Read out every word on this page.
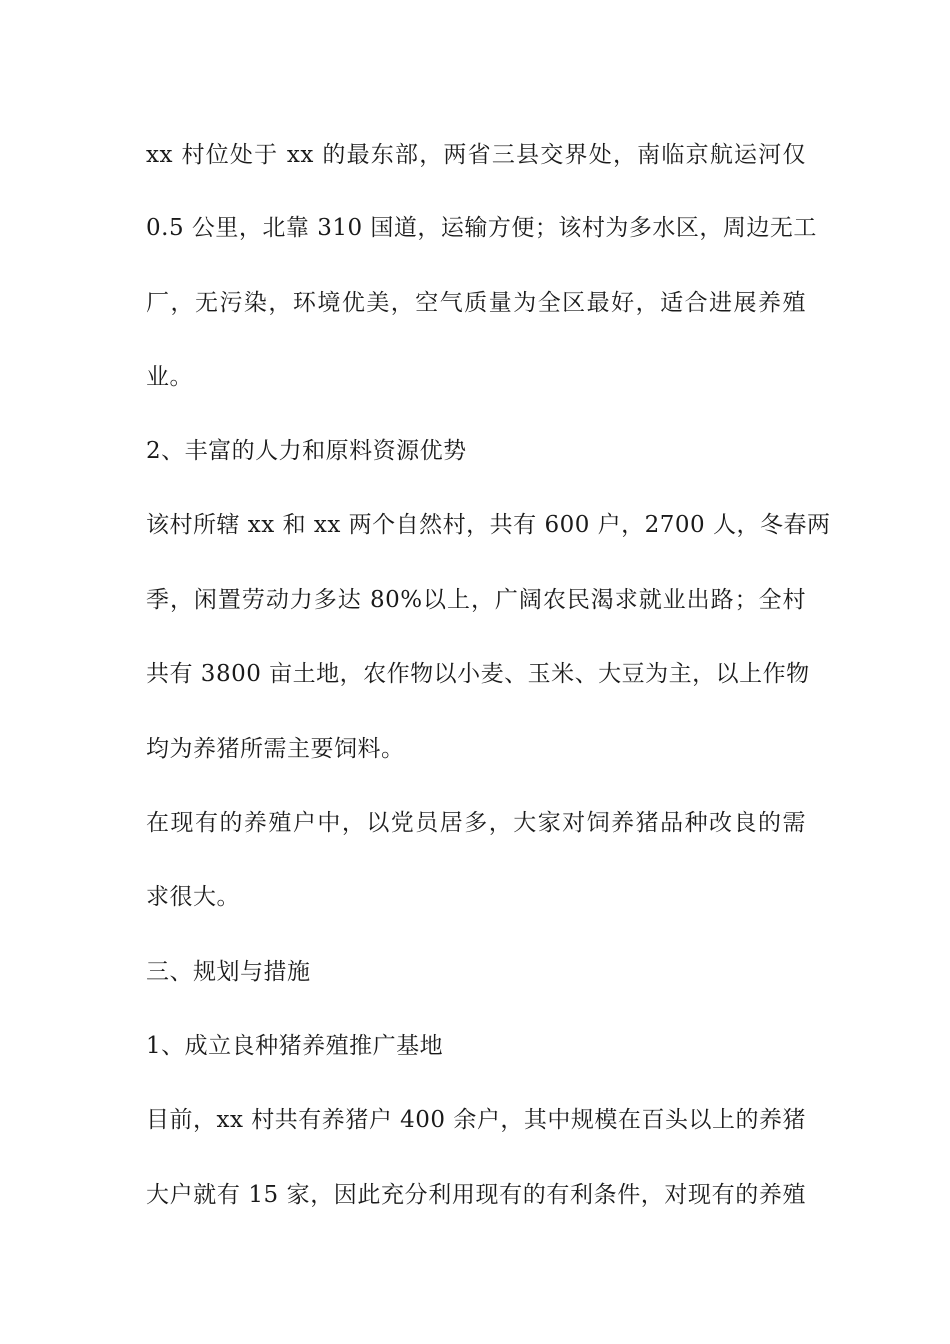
xx 村位处于 xx 的最东部，两省三县交界处，南临京航运河仅
0.5 公里，北靠 310 国道，运输方便；该村为多水区，周边无工
厂，无污染，环境优美，空气质量为全区最好，适合进展养殖
业。
2、丰富的人力和原料资源优势
该村所辖 xx 和 xx 两个自然村，共有 600 户，2700 人，冬春两
季，闲置劳动力多达 80%以上，广阔农民渴求就业出路；全村
共有 3800 亩土地，农作物以小麦、玉米、大豆为主，以上作物
均为养猪所需主要饲料。
在现有的养殖户中，以党员居多，大家对饲养猪品种改良的需
求很大。
三、规划与措施
1、成立良种猪养殖推广基地
目前，xx 村共有养猪户 400 余户，其中规模在百头以上的养猪
大户就有 15 家，因此充分利用现有的有利条件，对现有的养殖
